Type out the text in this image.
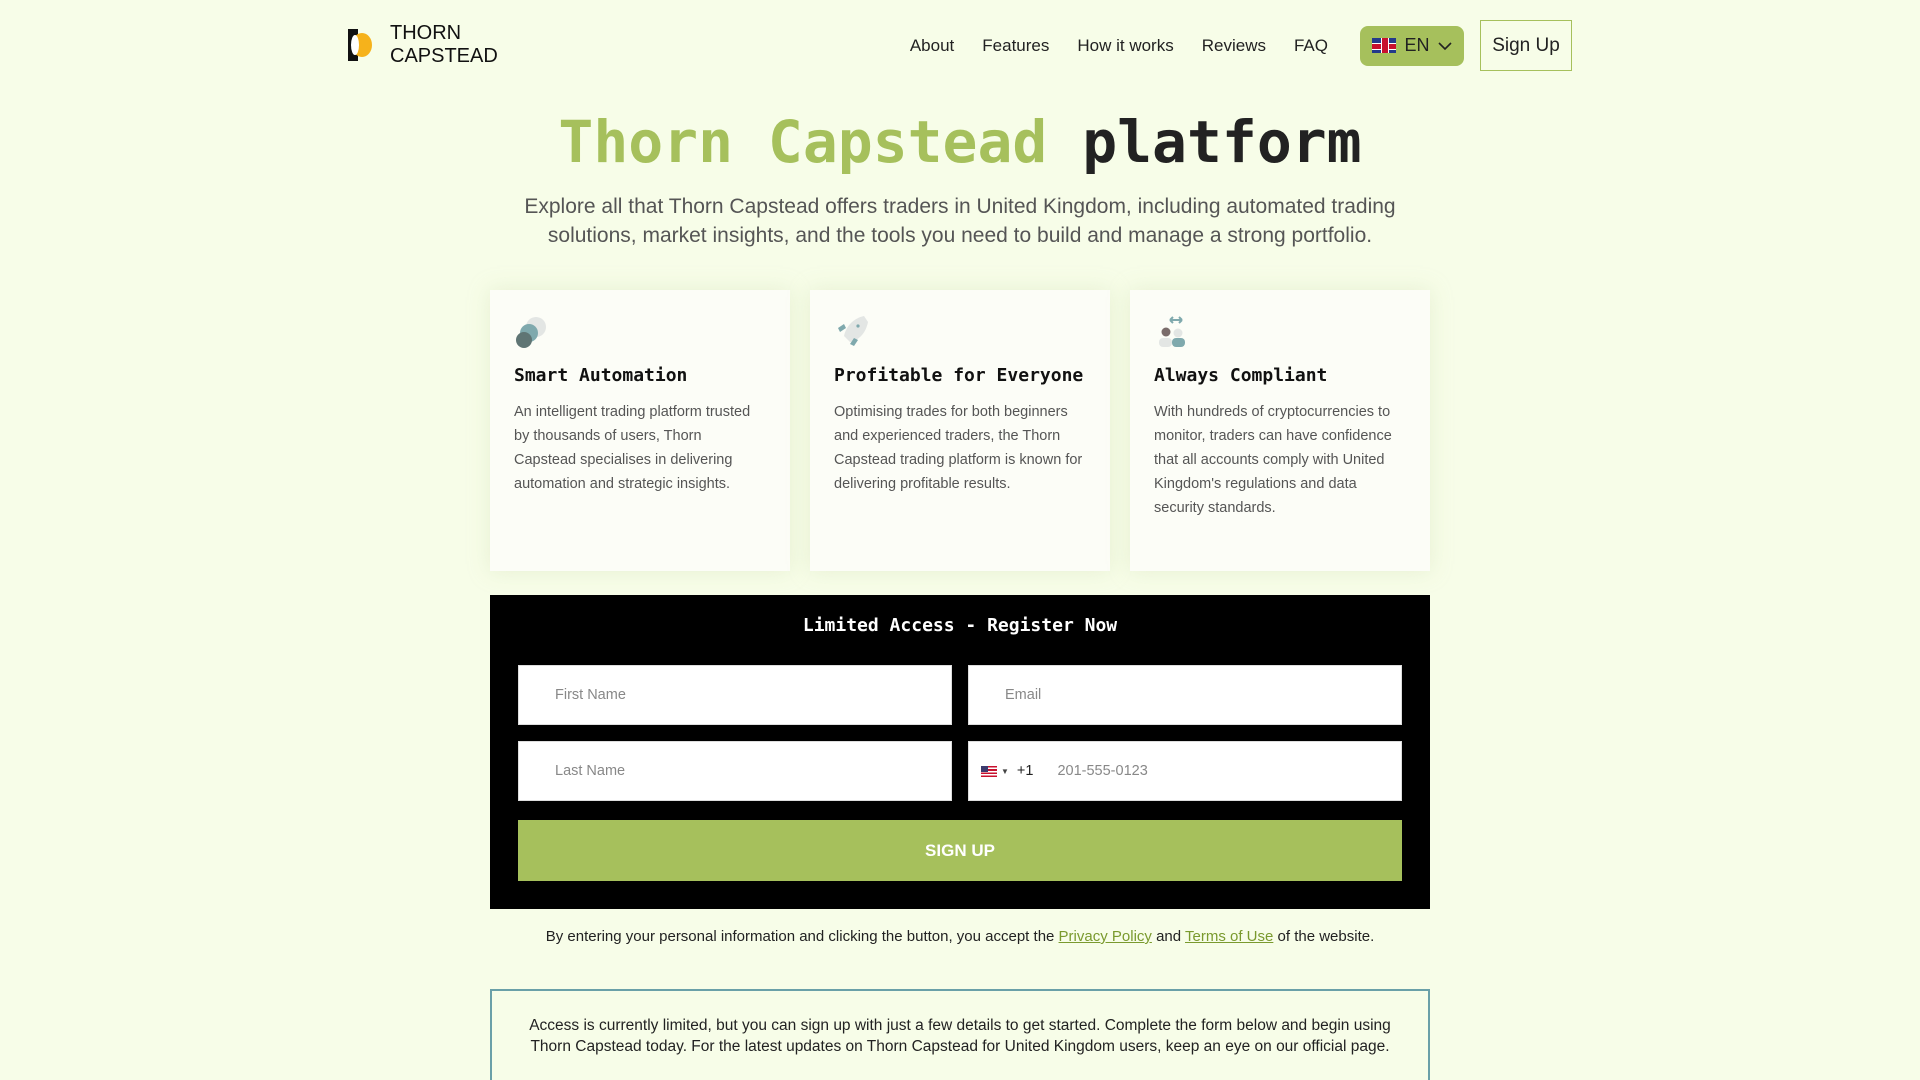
THORN
CAPSTEAD	About Features How it works Reviews FAQ	EN	Sign Up
Thorn Capstead platform

Explore all that Thorn Capstead offers traders in United Kingdom, including automated trading solutions, market insights, and the tools you need to build and manage a strong portfolio.

Smart Automation

An intelligent trading platform trusted by thousands of users, Thorn Capstead specialises in delivering automation and strategic insights.

Profitable for Everyone

Optimising trades for both beginners and experienced traders, the Thorn Capstead trading platform is known for delivering profitable results.

Always Compliant

With hundreds of cryptocurrencies to monitor, traders can have confidence that all accounts comply with United Kingdom's regulations and data security standards.

Limited Access - Register Now
First Name	Email
Last Name	▼ +1 201-555-0123
SIGN UP

By entering your personal information and clicking the button, you accept the Privacy Policy and Terms of Use of the website.

Access is currently limited, but you can sign up with just a few details to get started. Complete the form below and begin using Thorn Capstead today. For the latest updates on Thorn Capstead for United Kingdom users, keep an eye on our official page.
